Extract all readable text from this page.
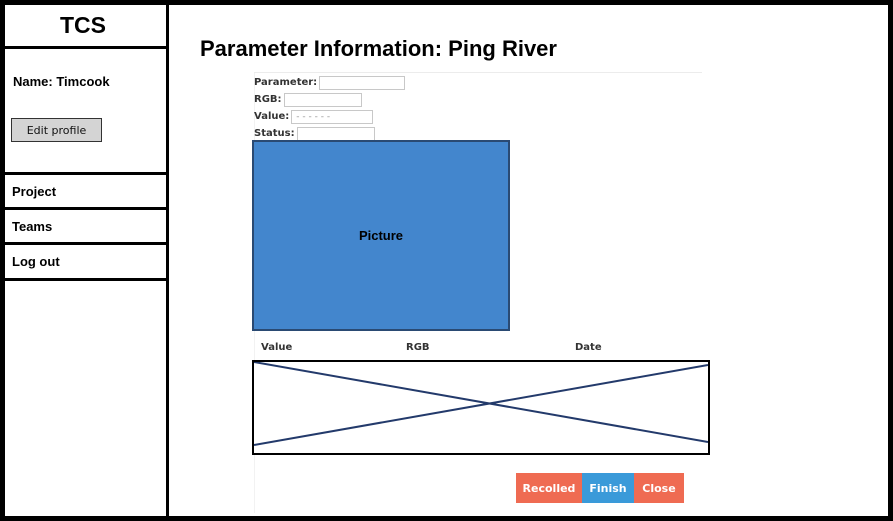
TCS
Name: Timcook
Edit profile
Project
Teams
Log out
Parameter Information: Ping River
Parameter:
RGB:
Value: - - - - - -
Status:
Picture
Value	RGB	Date
Recolled	Finish	Close
